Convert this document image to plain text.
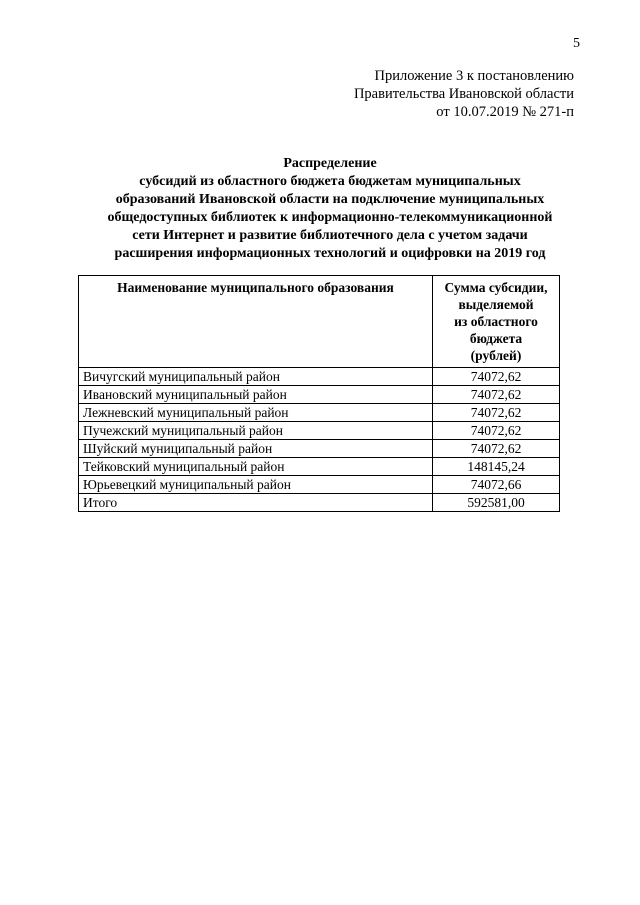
5
Приложение 3 к постановлению
Правительства Ивановской области
от 10.07.2019 № 271-п
Распределение
субсидий из областного бюджета бюджетам муниципальных
образований Ивановской области на подключение муниципальных
общедоступных библиотек к информационно-телекоммуникационной
сети Интернет и развитие библиотечного дела с учетом задачи
расширения информационных технологий и оцифровки на 2019 год
Наименование муниципального образования	Сумма субсидии,
выделяемой
из областного
бюджета
(рублей)

Вичугский муниципальный район	74072,62
Ивановский муниципальный район	74072,62
Лежневский муниципальный район	74072,62
Пучежский муниципальный район	74072,62
Шуйский муниципальный район	74072,62
Тейковский муниципальный район	148145,24
Юрьевецкий муниципальный район	74072,66
Итого	592581,00
